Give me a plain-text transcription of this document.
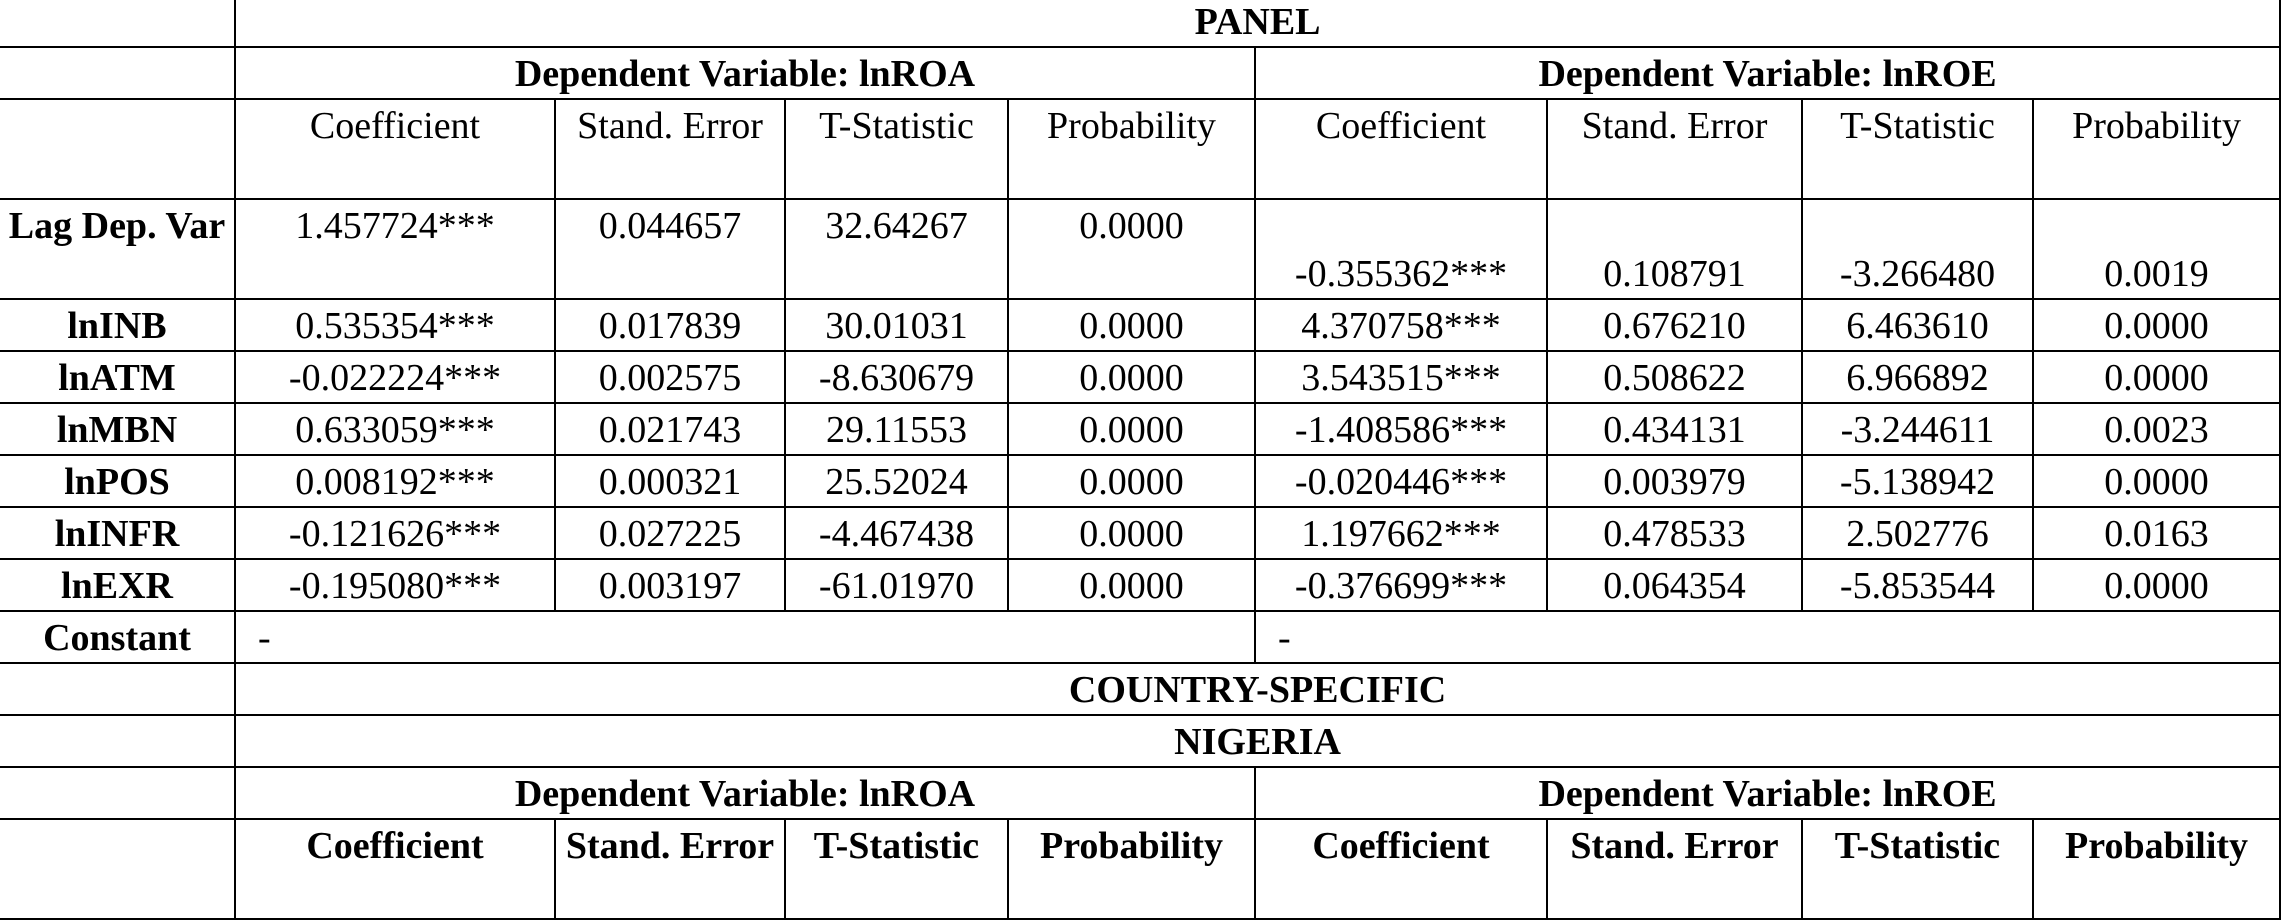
	PANEL							
	Dependent Variable: lnROA				Dependent Variable: lnROE			
	Coefficient	Stand. Error	T-Statistic	Probability	Coefficient	Stand. Error	T-Statistic	Probability
Lag Dep. Var	1.457724***	0.044657	32.64267	0.0000	-0.355362***	0.108791	-3.266480	0.0019
lnINB	0.535354***	0.017839	30.01031	0.0000	4.370758***	0.676210	6.463610	0.0000
lnATM	-0.022224***	0.002575	-8.630679	0.0000	3.543515***	0.508622	6.966892	0.0000
lnMBN	0.633059***	0.021743	29.11553	0.0000	-1.408586***	0.434131	-3.244611	0.0023
lnPOS	0.008192***	0.000321	25.52024	0.0000	-0.020446***	0.003979	-5.138942	0.0000
lnINFR	-0.121626***	0.027225	-4.467438	0.0000	1.197662***	0.478533	2.502776	0.0163
lnEXR	-0.195080***	0.003197	-61.01970	0.0000	-0.376699***	0.064354	-5.853544	0.0000
Constant	-				-			
	COUNTRY-SPECIFIC							
	NIGERIA							
	Dependent Variable: lnROA				Dependent Variable: lnROE			
	Coefficient	Stand. Error	T-Statistic	Probability	Coefficient	Stand. Error	T-Statistic	Probability
